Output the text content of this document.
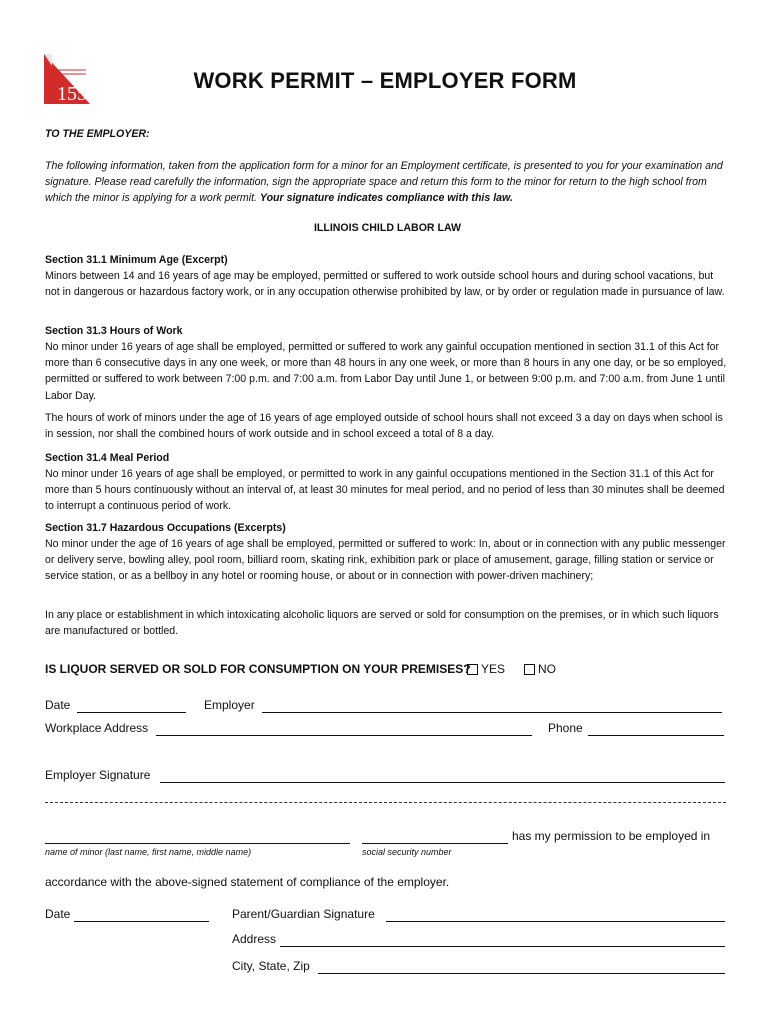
155
WORK PERMIT – EMPLOYER FORM
TO THE EMPLOYER:
The following information, taken from the application form for a minor for an Employment certificate, is presented to you for your examination and signature. Please read carefully the information, sign the appropriate space and return this form to the minor for return to the high school from which the minor is applying for a work permit. Your signature indicates compliance with this law.
ILLINOIS CHILD LABOR LAW
Section 31.1 Minimum Age (Excerpt)
Minors between 14 and 16 years of age may be employed, permitted or suffered to work outside school hours and during school vacations, but not in dangerous or hazardous factory work, or in any occupation otherwise prohibited by law, or by order or regulation made in pursuance of law.
Section 31.3 Hours of Work
No minor under 16 years of age shall be employed, permitted or suffered to work any gainful occupation mentioned in section 31.1 of this Act for more than 6 consecutive days in any one week, or more than 48 hours in any one week, or more than 8 hours in any one day, or be so employed, permitted or suffered to work between 7:00 p.m. and 7:00 a.m. from Labor Day until June 1, or between 9:00 p.m. and 7:00 a.m. from June 1 until Labor Day.
The hours of work of minors under the age of 16 years of age employed outside of school hours shall not exceed 3 a day on days when school is in session, nor shall the combined hours of work outside and in school exceed a total of 8 a day.
Section 31.4 Meal Period
No minor under 16 years of age shall be employed, or permitted to work in any gainful occupations mentioned in the Section 31.1 of this Act for more than 5 hours continuously without an interval of, at least 30 minutes for meal period, and no period of less than 30 minutes shall be deemed to interrupt a continuous period of work.
Section 31.7 Hazardous Occupations (Excerpts)
No minor under the age of 16 years of age shall be employed, permitted or suffered to work: In, about or in connection with any public messenger or delivery serve, bowling alley, pool room, billiard room, skating rink, exhibition park or place of amusement, garage, filling station or service or service station, or as a bellboy in any hotel or rooming house, or about or in connection with power-driven machinery;
In any place or establishment in which intoxicating alcoholic liquors are served or sold for consumption on the premises, or in which such liquors are manufactured or bottled.
IS LIQUOR SERVED OR SOLD FOR CONSUMPTION ON YOUR PREMISES? YES	NO
Date	Employer
Workplace Address	Phone
Employer Signature
has my permission to be employed in
name of minor (last name, first name, middle name)	social security number
accordance with the above-signed statement of compliance of the employer.
Date	Parent/Guardian Signature
Address
City, State, Zip
